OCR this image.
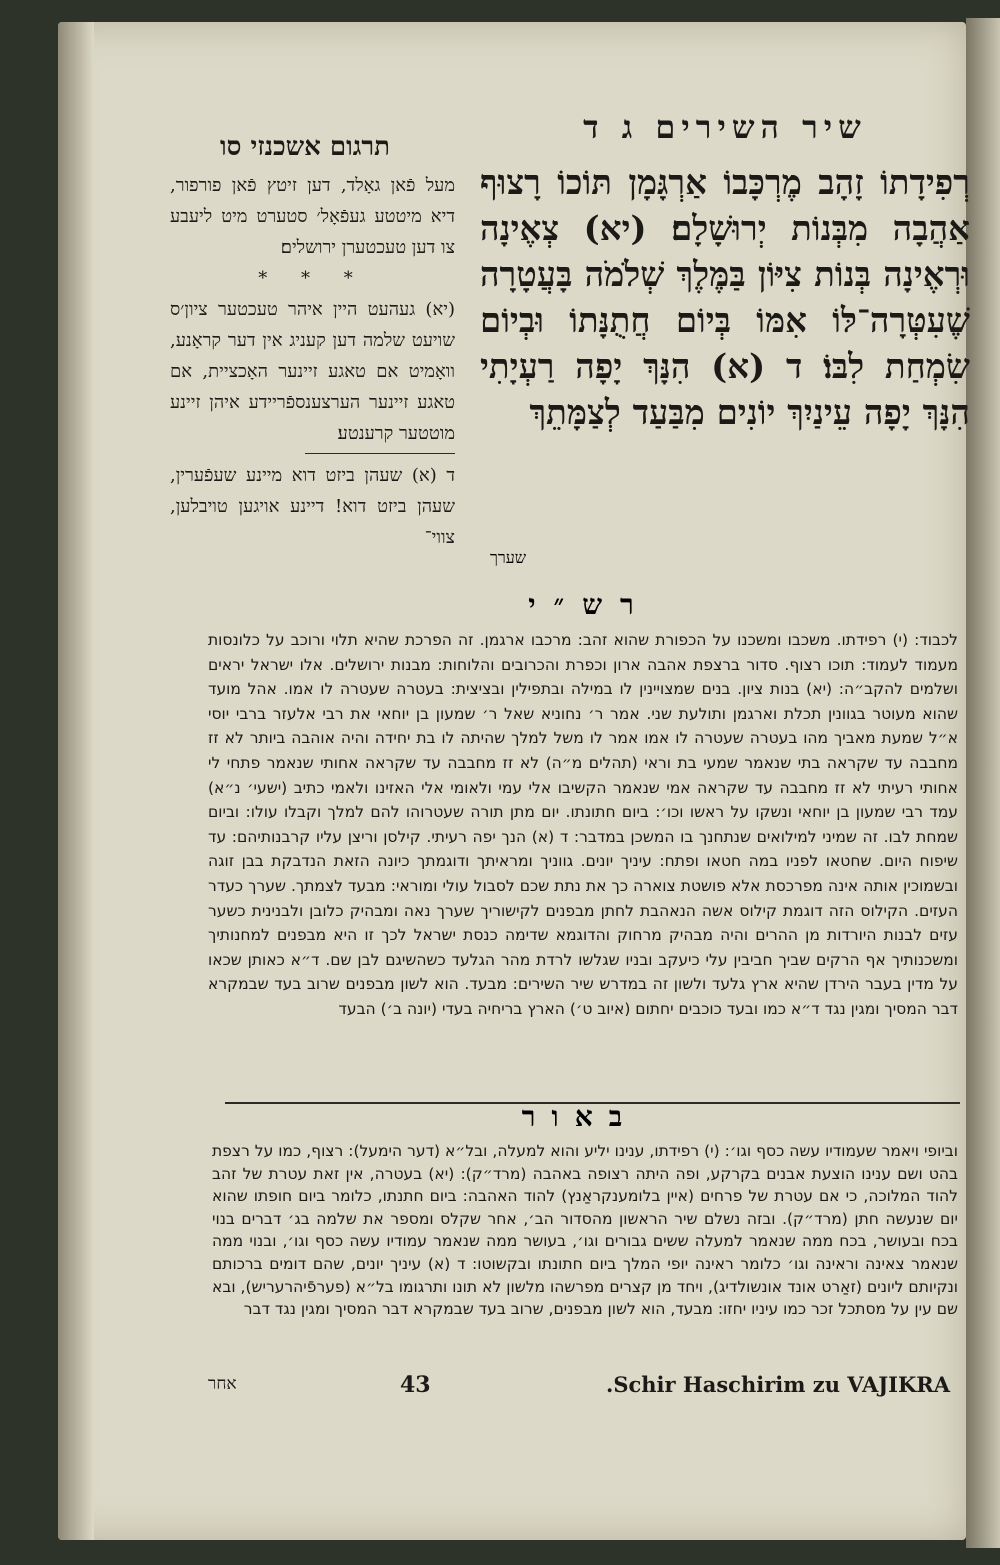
שיר השירים ג ד
תרגום אשכנזי סו
רְפִידָתוֹ זָהָב מֶרְכָּבוֹ אַרְגָּמָן תּוֹכוֹ רָצוּף אַהֲבָה מִבְּנוֹת יְרוּשָׁלָם׃ (יא) צְאֶינָה וּרְאֶינָה בְּנוֹת צִיּוֹן בַּמֶּלֶךְ שְׁלֹמֹה בָּעֲטָרָה שֶׁעִטְּרָה־לּוֹ אִמּוֹ בְּיוֹם חֲתֻנָּתוֹ וּבְיוֹם שִׂמְחַת לִבּוֹ׃ ד (א) הִנָּךְ יָפָה רַעְיָתִי הִנָּךְ יָפָה עֵינַיִךְ יוֹנִים מִבַּעַד לְצַמָּתֵךְ
שערך
מעל פֿאן גאָלד, דען זיטץ פֿאן פורפור, דיא מיטטע געפֿאָל׳ סטערט מיט ליעבע צו דען טעכטערן ירושלים׃
* * *
(יא) געהעט היין איהר טעכטער ציון׳ס שויעט שלמה דען קעניג אין דער קראָנע, וואָמיט אם טאגע זיינער האָכציית, אם טאגע זיינער הערצענספֿריידע איהן זיינע מוטטער קרענטע׃
ד (א) שעהן ביזט דוא מיינע שעפֿערין, שעהן ביזט דוא! דיינע אויגען טויבלען, צווי־
רש״י
לכבוד: (י) רפידתו. משכבו ומשכנו על הכפורת שהוא זהב: מרכבו ארגמן. זה הפרכת שהיא תלוי ורוכב על כלונסות מעמוד לעמוד: תוכו רצוף. סדור ברצפת אהבה ארון וכפרת והכרובים והלוחות: מבנות ירושלים. אלו ישראל יראים ושלמים להקב״ה: (יא) בנות ציון. בנים שמצויינין לו במילה ובתפילין ובציצית: בעטרה שעטרה לו אמו. אהל מועד שהוא מעוטר בגוונין תכלת וארגמן ותולעת שני. אמר ר׳ נחוניא שאל ר׳ שמעון בן יוחאי את רבי אלעזר ברבי יוסי א״ל שמעת מאביך מהו בעטרה שעטרה לו אמו אמר לו משל למלך שהיתה לו בת יחידה והיה אוהבה ביותר לא זז מחבבה עד שקראה בתי שנאמר שמעי בת וראי (תהלים מ״ה) לא זז מחבבה עד שקראה אחותי שנאמר פתחי לי אחותי רעיתי לא זז מחבבה עד שקראה אמי שנאמר הקשיבו אלי עמי ולאומי אלי האזינו ולאמי כתיב (ישעי׳ נ״א) עמד רבי שמעון בן יוחאי ונשקו על ראשו וכו׳: ביום חתונתו. יום מתן תורה שעטרוהו להם למלך וקבלו עולו: וביום שמחת לבו. זה שמיני למילואים שנתחנך בו המשכן במדבר: ד (א) הנך יפה רעיתי. קילסן וריצן עליו קרבנותיהם: עד שיפוח היום. שחטאו לפניו במה חטאו ופתח: עיניך יונים. גווניך ומראיתך ודוגמתך כיונה הזאת הנדבקת בבן זוגה ובשמוכין אותה אינה מפרכסת אלא פושטת צוארה כך את נתת שכם לסבול עולי ומוראי: מבעד לצמתך. שערך כעדר העזים. הקילוס הזה דוגמת קילוס אשה הנאהבת לחתן מבפנים לקישוריך שערך נאה ומבהיק כלובן ולבנינית כשער עזים לבנות היורדות מן ההרים והיה מבהיק מרחוק והדוגמא שדימה כנסת ישראל לכך זו היא מבפנים למחנותיך ומשכנותיך אף הרקים שביך חביבין עלי כיעקב ובניו שגלשו לרדת מהר הגלעד כשהשיגם לבן שם. ד״א כאותן שכאו על מדין בעבר הירדן שהיא ארץ גלעד ולשון זה במדרש שיר השירים: מבעד. הוא לשון מבפנים שרוב בעד שבמקרא דבר המסיך ומגין נגד ד״א כמו ובעד כוכבים יחתום (איוב ט׳) הארץ בריחיה בעדי (יונה ב׳) הבעד
באור
וביופי ויאמר שעמודיו עשה כסף וגו׳: (י) רפידתו, ענינו יליע והוא למעלה, ובל״א (דער הימעל): רצוף, כמו על רצפת בהט ושם ענינו הוצעת אבנים בקרקע, ופה היתה רצופה באהבה (מרד״ק): (יא) בעטרה, אין זאת עטרת של זהב להוד המלוכה, כי אם עטרת של פרחים (איין בלומענקראַנץ) להוד האהבה: ביום חתנתו, כלומר ביום חופתו שהוא יום שנעשה חתן (מרד״ק). ובזה נשלם שיר הראשון מהסדור הב׳, אחר שקלס ומספר את שלמה בג׳ דברים בנוי בכח ובעושר, בכח ממה שנאמר למעלה ששים גבורים וגו׳, בעושר ממה שנאמר עמודיו עשה כסף וגו׳, ובנוי ממה שנאמר צאינה וראינה וגו׳ כלומר ראינה יופי המלך ביום חתונתו ובקשוטו: ד (א) עיניך יונים, שהם דומים ברכותם ונקיותם ליונים (זאַרט אונד אונשולדיג), ויחד מן קצרים מפרשהו מלשון לא תונו ותרגומו בל״א (פערפֿיהרעריש), ובא שם עין על מסתכל זכר כמו עיניו יחזו: מבעד, הוא לשון מבפנים, שרוב בעד שבמקרא דבר המסיך ומגין נגד דבר
אחר	43	Schir Haschirim zu VAJIKRA.
